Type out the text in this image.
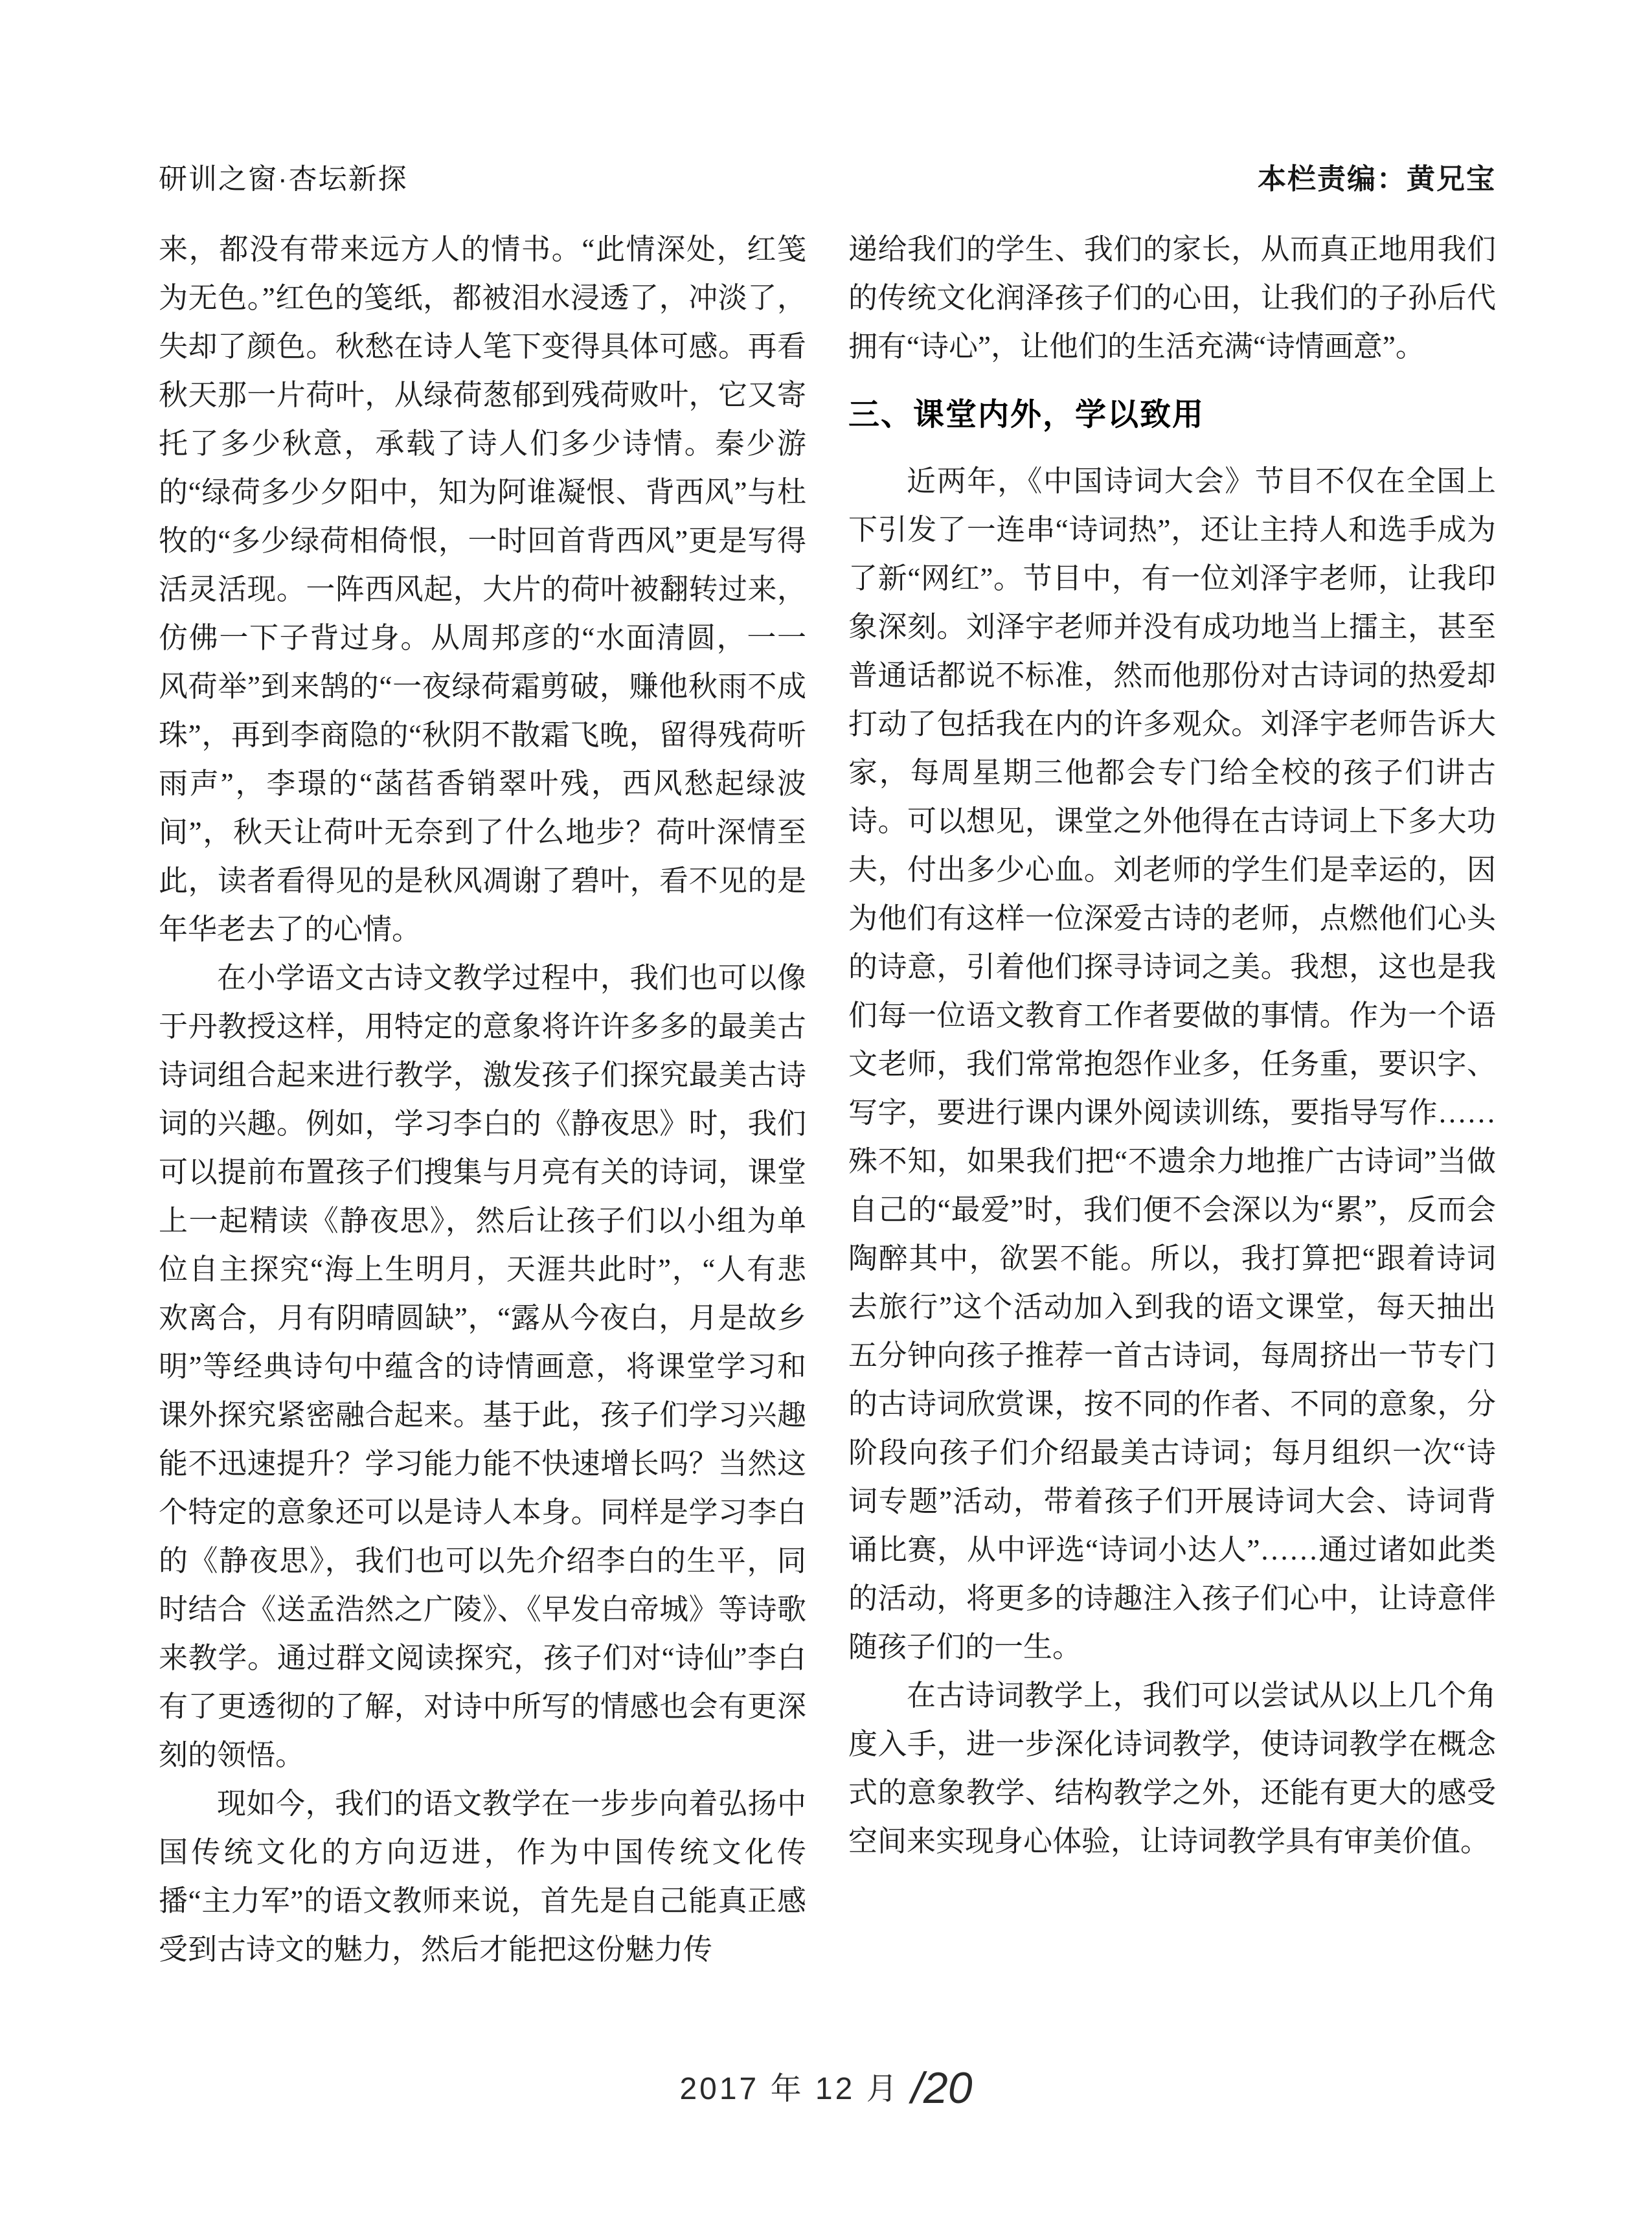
研训之窗·杏坛新探	本栏责编：黄兄宝

来，都没有带来远方人的情书。“此情深处，红笺为无色。”红色的笺纸，都被泪水浸透了，冲淡了，失却了颜色。秋愁在诗人笔下变得具体可感。再看秋天那一片荷叶，从绿荷葱郁到残荷败叶，它又寄托了多少秋意，承载了诗人们多少诗情。秦少游的“绿荷多少夕阳中，知为阿谁凝恨、背西风”与杜牧的“多少绿荷相倚恨，一时回首背西风”更是写得活灵活现。一阵西风起，大片的荷叶被翻转过来，仿佛一下子背过身。从周邦彦的“水面清圆，一一风荷举”到来鹄的“一夜绿荷霜剪破，赚他秋雨不成珠”，再到李商隐的“秋阴不散霜飞晚，留得残荷听雨声”，李璟的“菡萏香销翠叶残，西风愁起绿波间”，秋天让荷叶无奈到了什么地步？荷叶深情至此，读者看得见的是秋风凋谢了碧叶，看不见的是年华老去了的心情。

在小学语文古诗文教学过程中，我们也可以像于丹教授这样，用特定的意象将许许多多的最美古诗词组合起来进行教学，激发孩子们探究最美古诗词的兴趣。例如，学习李白的《静夜思》时，我们可以提前布置孩子们搜集与月亮有关的诗词，课堂上一起精读《静夜思》，然后让孩子们以小组为单位自主探究“海上生明月，天涯共此时”，“人有悲欢离合，月有阴晴圆缺”，“露从今夜白，月是故乡明”等经典诗句中蕴含的诗情画意，将课堂学习和课外探究紧密融合起来。基于此，孩子们学习兴趣能不迅速提升？学习能力能不快速增长吗？当然这个特定的意象还可以是诗人本身。同样是学习李白的《静夜思》，我们也可以先介绍李白的生平，同时结合《送孟浩然之广陵》、《早发白帝城》等诗歌来教学。通过群文阅读探究，孩子们对“诗仙”李白有了更透彻的了解，对诗中所写的情感也会有更深刻的领悟。

现如今，我们的语文教学在一步步向着弘扬中国传统文化的方向迈进，作为中国传统文化传播“主力军”的语文教师来说，首先是自己能真正感受到古诗文的魅力，然后才能把这份魅力传

递给我们的学生、我们的家长，从而真正地用我们的传统文化润泽孩子们的心田，让我们的子孙后代拥有“诗心”，让他们的生活充满“诗情画意”。

三、课堂内外，学以致用

近两年，《中国诗词大会》节目不仅在全国上下引发了一连串“诗词热”，还让主持人和选手成为了新“网红”。节目中，有一位刘泽宇老师，让我印象深刻。刘泽宇老师并没有成功地当上擂主，甚至普通话都说不标准，然而他那份对古诗词的热爱却打动了包括我在内的许多观众。刘泽宇老师告诉大家，每周星期三他都会专门给全校的孩子们讲古诗。可以想见，课堂之外他得在古诗词上下多大功夫，付出多少心血。刘老师的学生们是幸运的，因为他们有这样一位深爱古诗的老师，点燃他们心头的诗意，引着他们探寻诗词之美。我想，这也是我们每一位语文教育工作者要做的事情。作为一个语文老师，我们常常抱怨作业多，任务重，要识字、写字，要进行课内课外阅读训练，要指导写作……殊不知，如果我们把“不遗余力地推广古诗词”当做自己的“最爱”时，我们便不会深以为“累”，反而会陶醉其中，欲罢不能。所以，我打算把“跟着诗词去旅行”这个活动加入到我的语文课堂，每天抽出五分钟向孩子推荐一首古诗词，每周挤出一节专门的古诗词欣赏课，按不同的作者、不同的意象，分阶段向孩子们介绍最美古诗词；每月组织一次“诗词专题”活动，带着孩子们开展诗词大会、诗词背诵比赛，从中评选“诗词小达人”……通过诸如此类的活动，将更多的诗趣注入孩子们心中，让诗意伴随孩子们的一生。

在古诗词教学上，我们可以尝试从以上几个角度入手，进一步深化诗词教学，使诗词教学在概念式的意象教学、结构教学之外，还能有更大的感受空间来实现身心体验，让诗词教学具有审美价值。

2017 年 12 月 /20
